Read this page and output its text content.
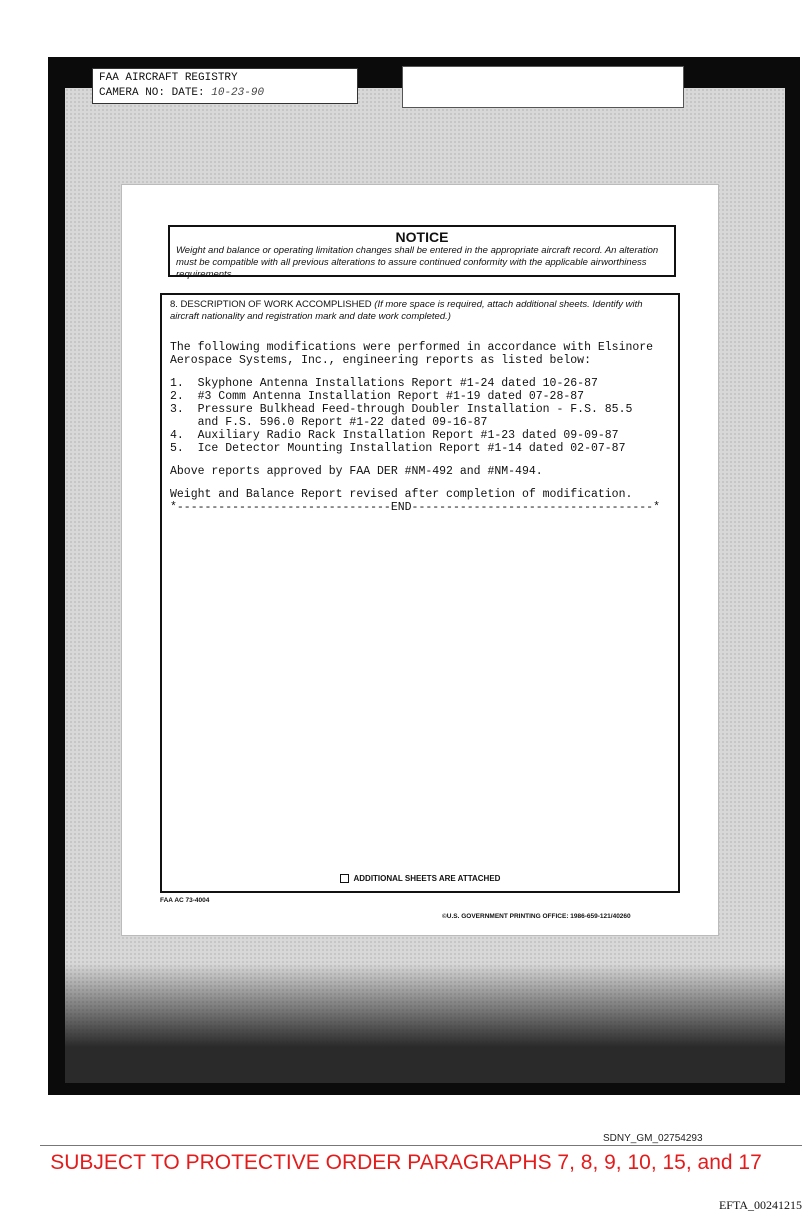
FAA AIRCRAFT REGISTRY
CAMERA NO: DATE: 10-23-90

NOTICE

Weight and balance or operating limitation changes shall be entered in the appropriate aircraft record. An alteration must be compatible with all previous alterations to assure continued conformity with the applicable airworthiness requirements.

8. DESCRIPTION OF WORK ACCOMPLISHED (If more space is required, attach additional sheets. Identify with aircraft nationality and registration mark and date work completed.)

The following modifications were performed in accordance with Elsinore

Aerospace Systems, Inc., engineering reports as listed below:

1.  Skyphone Antenna Installations Report #1-24 dated 10-26-87

2.  #3 Comm Antenna Installation Report #1-19 dated 07-28-87

3.  Pressure Bulkhead Feed-through Doubler Installation - F.S. 85.5

and F.S. 596.0 Report #1-22 dated 09-16-87

4.  Auxiliary Radio Rack Installation Report #1-23 dated 09-09-87

5.  Ice Detector Mounting Installation Report #1-14 dated 02-07-87

Above reports approved by FAA DER #NM-492 and #NM-494.

Weight and Balance Report revised after completion of modification.

*-------------------------------END-----------------------------------*

ADDITIONAL SHEETS ARE ATTACHED
FAA AC 73-4004
©U.S. GOVERNMENT PRINTING OFFICE: 1986-659-121/40260
SDNY_GM_02754293
SUBJECT TO PROTECTIVE ORDER PARAGRAPHS 7, 8, 9, 10, 15, and 17
EFTA_00241215
